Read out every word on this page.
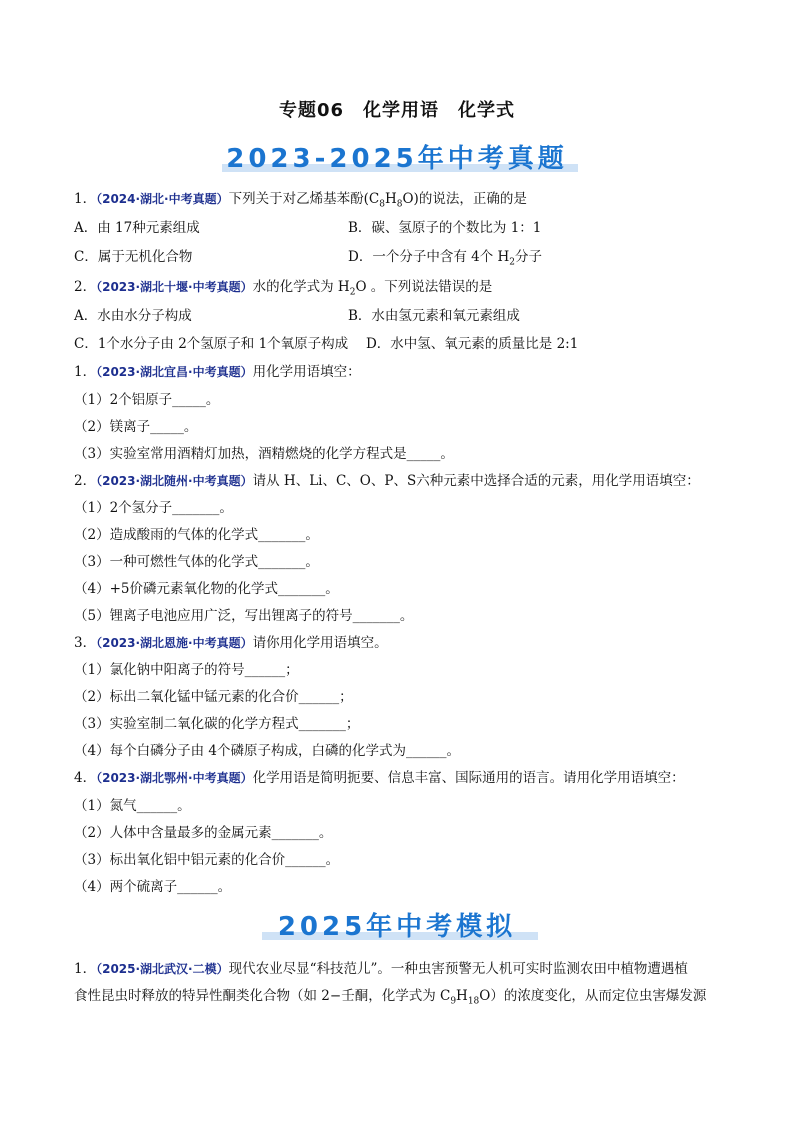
专题06　化学用语　化学式
2023-2025年中考真题
1．（2024·湖北·中考真题）下列关于对乙烯基苯酚$(C_8H_8O)$的说法，正确的是
A．由 17种元素组成	B．碳、氢原子的个数比为 1：1
C．属于无机化合物	D．一个分子中含有 4个 $H_2$分子
2．（2023·湖北十堰·中考真题）水的化学式为 $H_2O$ 。下列说法错误的是
A．水由水分子构成	B．水由氢元素和氧元素组成
C．1个水分子由 2个氢原子和 1个氧原子构成　 D．水中氢、氧元素的质量比是 2:1
1．（2023·湖北宜昌·中考真题）用化学用语填空：
（1）2个铝原子_____。
（2）镁离子_____。
（3）实验室常用酒精灯加热，酒精燃烧的化学方程式是_____。
2．（2023·湖北随州·中考真题）请从 H、Li、C、O、P、S六种元素中选择合适的元素，用化学用语填空：
（1）2个氢分子_______。
（2）造成酸雨的气体的化学式_______。
（3）一种可燃性气体的化学式_______。
（4）+5价磷元素氧化物的化学式_______。
（5）锂离子电池应用广泛，写出锂离子的符号_______。
3．（2023·湖北恩施·中考真题）请你用化学用语填空。
（1）氯化钠中阳离子的符号______；
（2）标出二氧化锰中锰元素的化合价______；
（3）实验室制二氧化碳的化学方程式_______；
（4）每个白磷分子由 4个磷原子构成，白磷的化学式为______。
4．（2023·湖北鄂州·中考真题）化学用语是简明扼要、信息丰富、国际通用的语言。请用化学用语填空：
（1）氮气______。
（2）人体中含量最多的金属元素_______。
（3）标出氧化铝中铝元素的化合价______。
（4）两个硫离子______。
2025年中考模拟
1．（2025·湖北武汉·二模）现代农业尽显“科技范儿”。一种虫害预警无人机可实时监测农田中植物遭遇植
食性昆虫时释放的特异性酮类化合物（如 2−壬酮，化学式为 $C_9H_{18}O$）的浓度变化，从而定位虫害爆发源
